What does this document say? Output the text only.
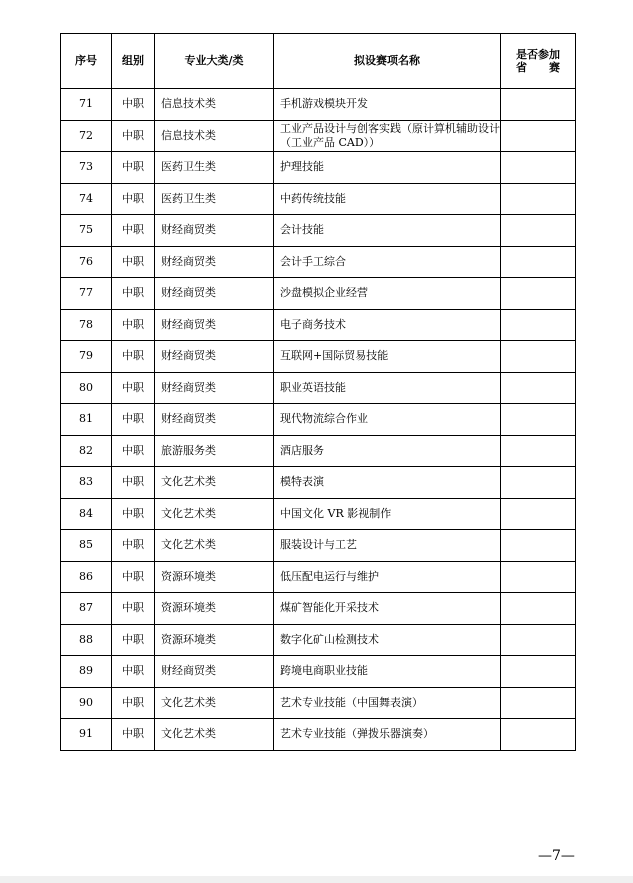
序号	组别	专业大类/类	拟设赛项名称	是否参加
省　　赛

71	中职	信息技术类	手机游戏模块开发	
72	中职	信息技术类	工业产品设计与创客实践（原计算机辅助设计（工业产品 CAD））	
73	中职	医药卫生类	护理技能	
74	中职	医药卫生类	中药传统技能	
75	中职	财经商贸类	会计技能	
76	中职	财经商贸类	会计手工综合	
77	中职	财经商贸类	沙盘模拟企业经营	
78	中职	财经商贸类	电子商务技术	
79	中职	财经商贸类	互联网+国际贸易技能	
80	中职	财经商贸类	职业英语技能	
81	中职	财经商贸类	现代物流综合作业	
82	中职	旅游服务类	酒店服务	
83	中职	文化艺术类	模特表演	
84	中职	文化艺术类	中国文化 VR 影视制作	
85	中职	文化艺术类	服装设计与工艺	
86	中职	资源环境类	低压配电运行与维护	
87	中职	资源环境类	煤矿智能化开采技术	
88	中职	资源环境类	数字化矿山检测技术	
89	中职	财经商贸类	跨境电商职业技能	
90	中职	文化艺术类	艺术专业技能（中国舞表演）	
91	中职	文化艺术类	艺术专业技能（弹拨乐器演奏）	
—7—
